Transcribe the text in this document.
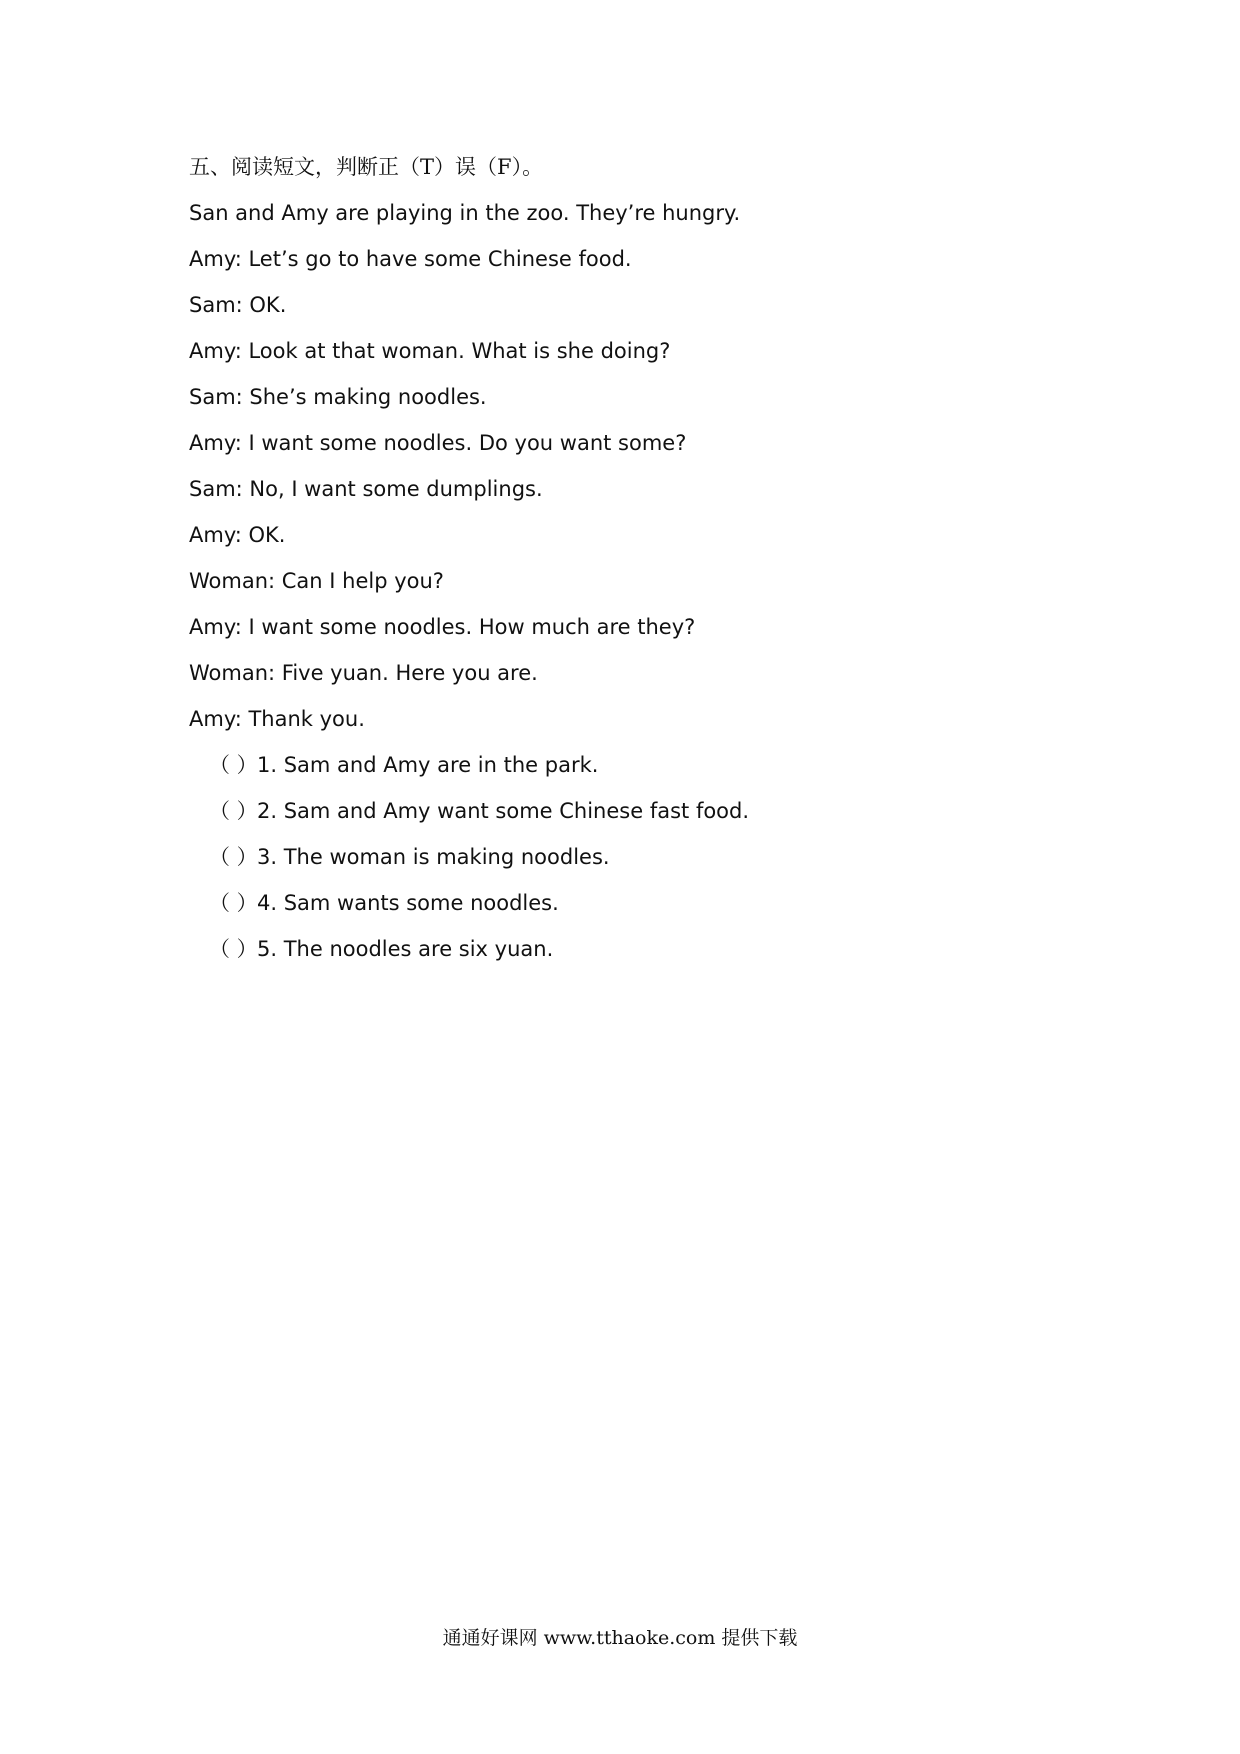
五、阅读短文，判断正（T）误（F）。
San and Amy are playing in the zoo. They’re hungry.
Amy: Let’s go to have some Chinese food.
Sam: OK.
Amy: Look at that woman. What is she doing?
Sam: She’s making noodles.
Amy: I want some noodles. Do you want some?
Sam: No, I want some dumplings.
Amy: OK.
Woman: Can I help you?
Amy: I want some noodles. How much are they?
Woman: Five yuan. Here you are.
Amy: Thank you.
（ ）1. Sam and Amy are in the park.
（ ）2. Sam and Amy want some Chinese fast food.
（ ）3. The woman is making noodles.
（ ）4. Sam wants some noodles.
（ ）5. The noodles are six yuan.
通通好课网 www.tthaoke.com 提供下载
